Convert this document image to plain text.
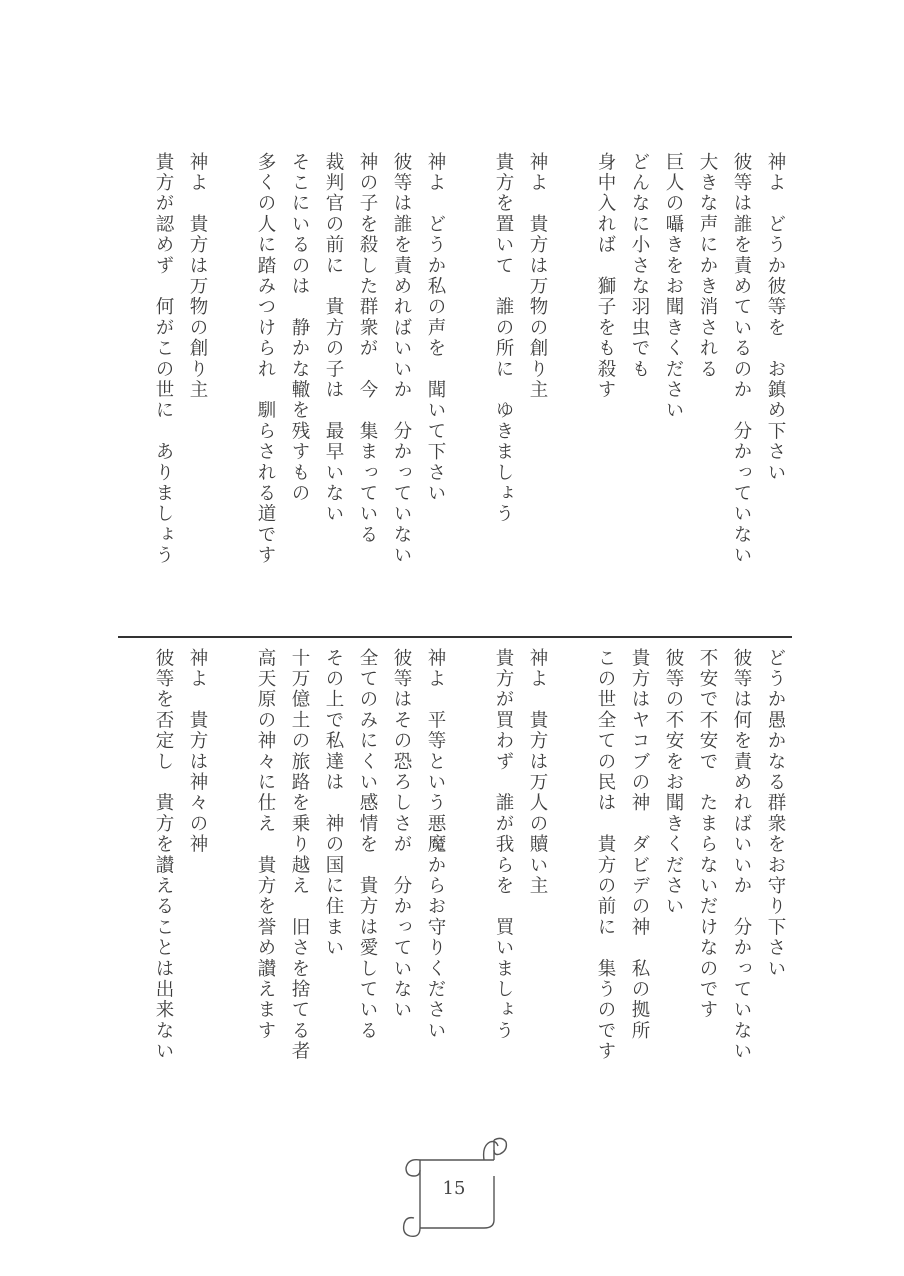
神よ　どうか彼等を　お鎮め下さい
彼等は誰を責めているのか　分かっていない
大きな声にかき消される
巨人の囁きをお聞きください
どんなに小さな羽虫でも
身中入れば　獅子をも殺す
神よ　貴方は万物の創り主
貴方を置いて　誰の所に　ゆきましょう
神よ　どうか私の声を　聞いて下さい
彼等は誰を責めればいいか　分かっていない
神の子を殺した群衆が　今　集まっている
裁判官の前に　貴方の子は　最早いない
そこにいるのは　静かな轍を残すもの
多くの人に踏みつけられ　馴らされる道です
神よ　貴方は万物の創り主
貴方が認めず　何がこの世に　ありましょう
どうか愚かなる群衆をお守り下さい
彼等は何を責めればいいか　分かっていない
不安で不安で　たまらないだけなのです
彼等の不安をお聞きください
貴方はヤコブの神　ダビデの神　私の拠所
この世全ての民は　貴方の前に　集うのです
神よ　貴方は万人の贖い主
貴方が買わず　誰が我らを　買いましょう
神よ　平等という悪魔からお守りください
彼等はその恐ろしさが　分かっていない
全てのみにくい感情を　貴方は愛している
その上で私達は　神の国に住まい
十万億土の旅路を乗り越え　旧さを捨てる者
高天原の神々に仕え　貴方を誉め讃えます
神よ　貴方は神々の神
彼等を否定し　貴方を讃えることは出来ない
15
